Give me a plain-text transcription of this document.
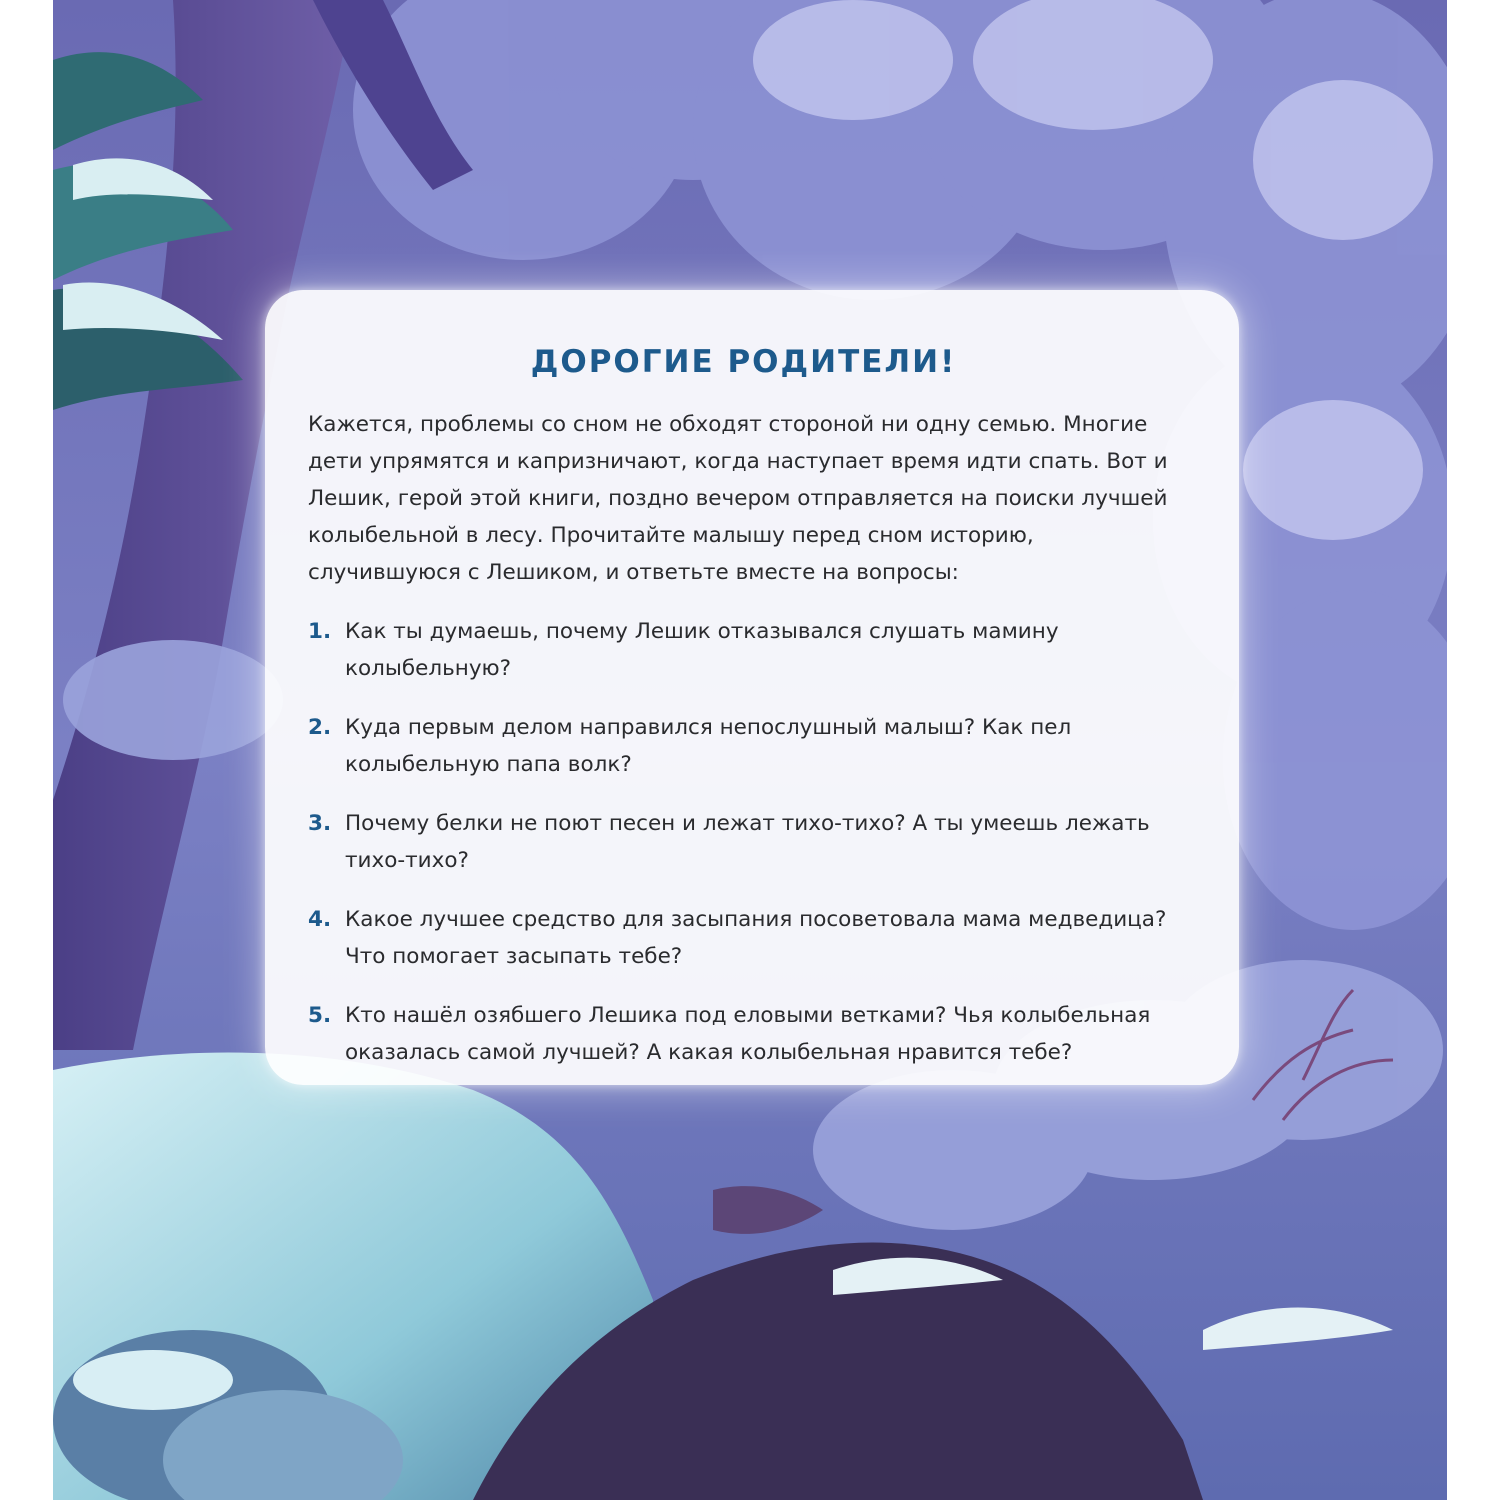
ДОРОГИЕ РОДИТЕЛИ!

Кажется, проблемы со сном не обходят стороной ни одну семью. Многие дети упрямятся и капризничают, когда наступает время идти спать. Вот и Лешик, герой этой книги, поздно вечером отправляется на поиски лучшей колыбельной в лесу. Прочитайте малышу перед сном историю, случившуюся с Лешиком, и ответьте вместе на вопросы:

1. Как ты думаешь, почему Лешик отказывался слушать мамину колыбельную?
2. Куда первым делом направился непослушный малыш? Как пел колыбельную папа волк?
3. Почему белки не поют песен и лежат тихо-тихо? А ты умеешь лежать тихо-тихо?
4. Какое лучшее средство для засыпания посоветовала мама медведица? Что помогает засыпать тебе?
5. Кто нашёл озябшего Лешика под еловыми ветками? Чья колыбельная оказалась самой лучшей? А какая колыбельная нравится тебе?
